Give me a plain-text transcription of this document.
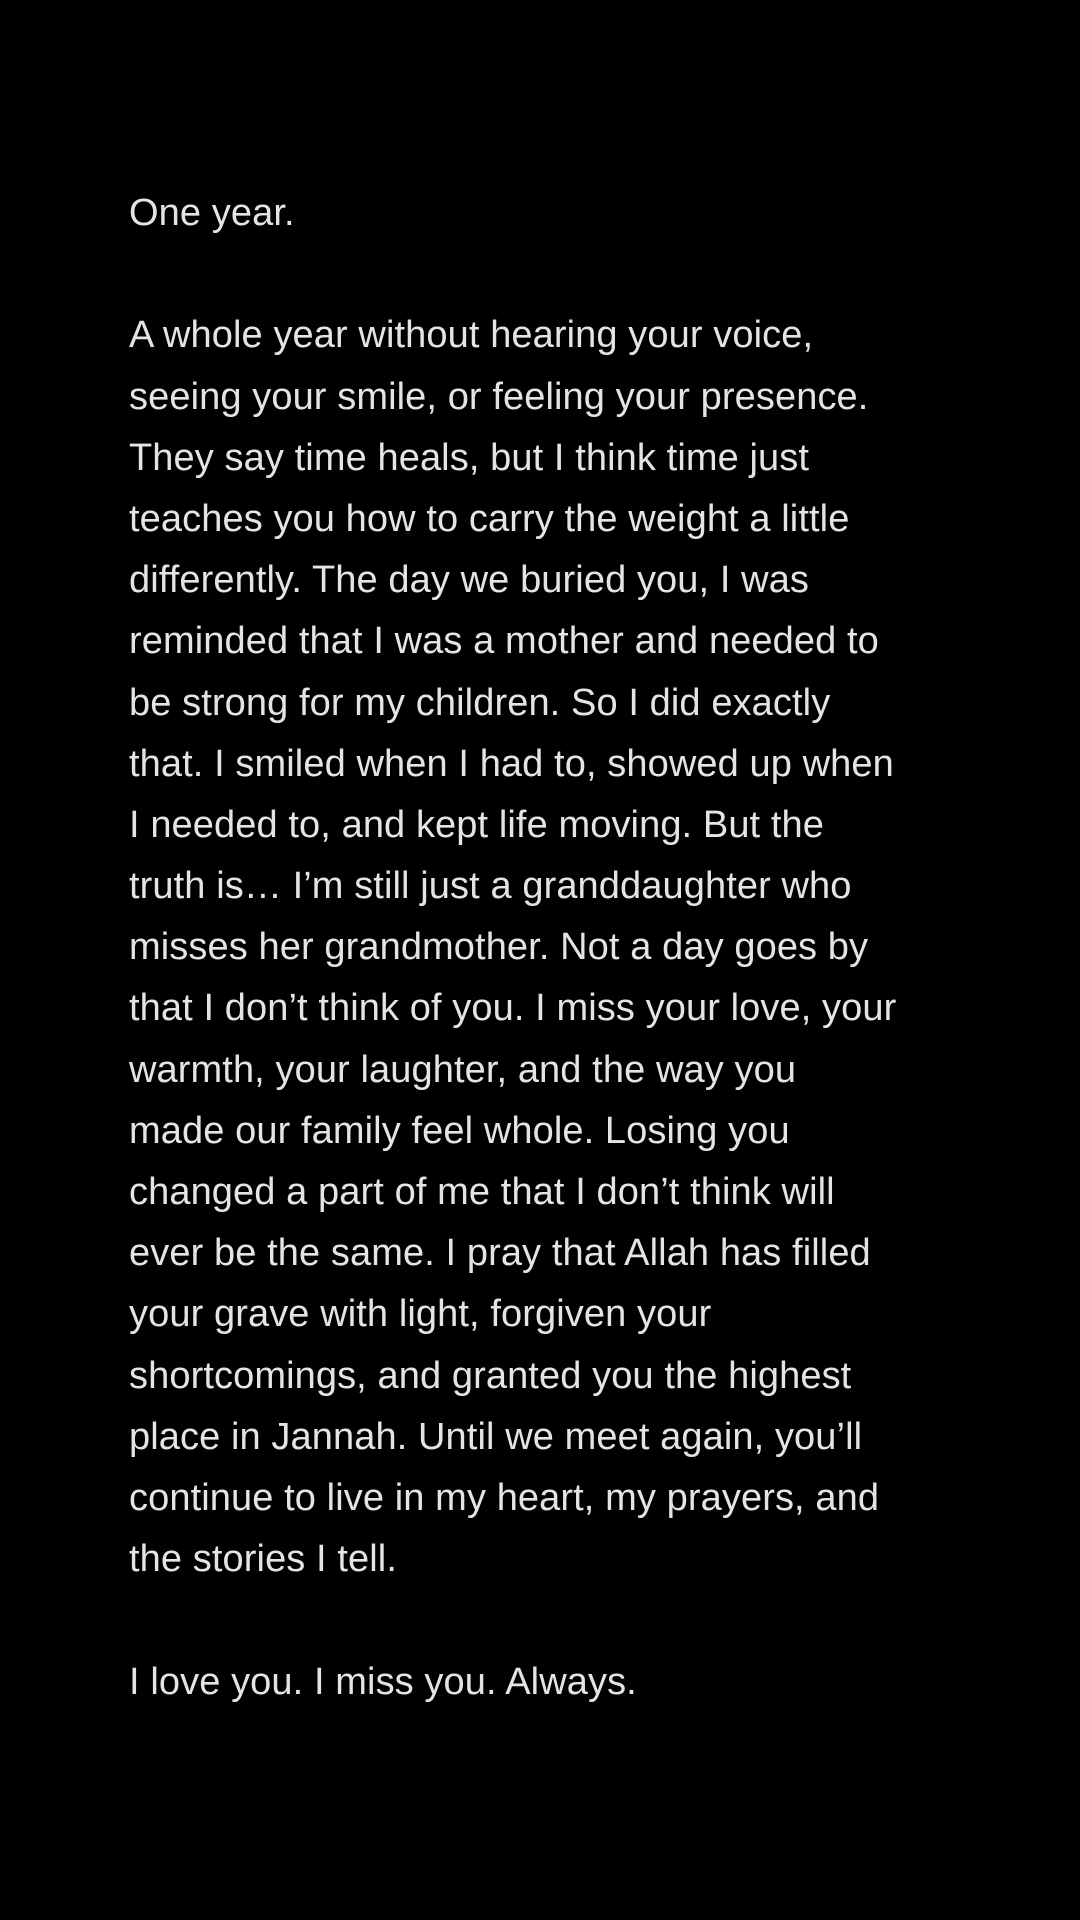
One year.
A whole year without hearing your voice,
seeing your smile, or feeling your presence.
They say time heals, but I think time just
teaches you how to carry the weight a little
differently. The day we buried you, I was
reminded that I was a mother and needed to
be strong for my children. So I did exactly
that. I smiled when I had to, showed up when
I needed to, and kept life moving. But the
truth is… I’m still just a granddaughter who
misses her grandmother. Not a day goes by
that I don’t think of you. I miss your love, your
warmth, your laughter, and the way you
made our family feel whole. Losing you
changed a part of me that I don’t think will
ever be the same. I pray that Allah has filled
your grave with light, forgiven your
shortcomings, and granted you the highest
place in Jannah. Until we meet again, you’ll
continue to live in my heart, my prayers, and
the stories I tell.
I love you. I miss you. Always.
